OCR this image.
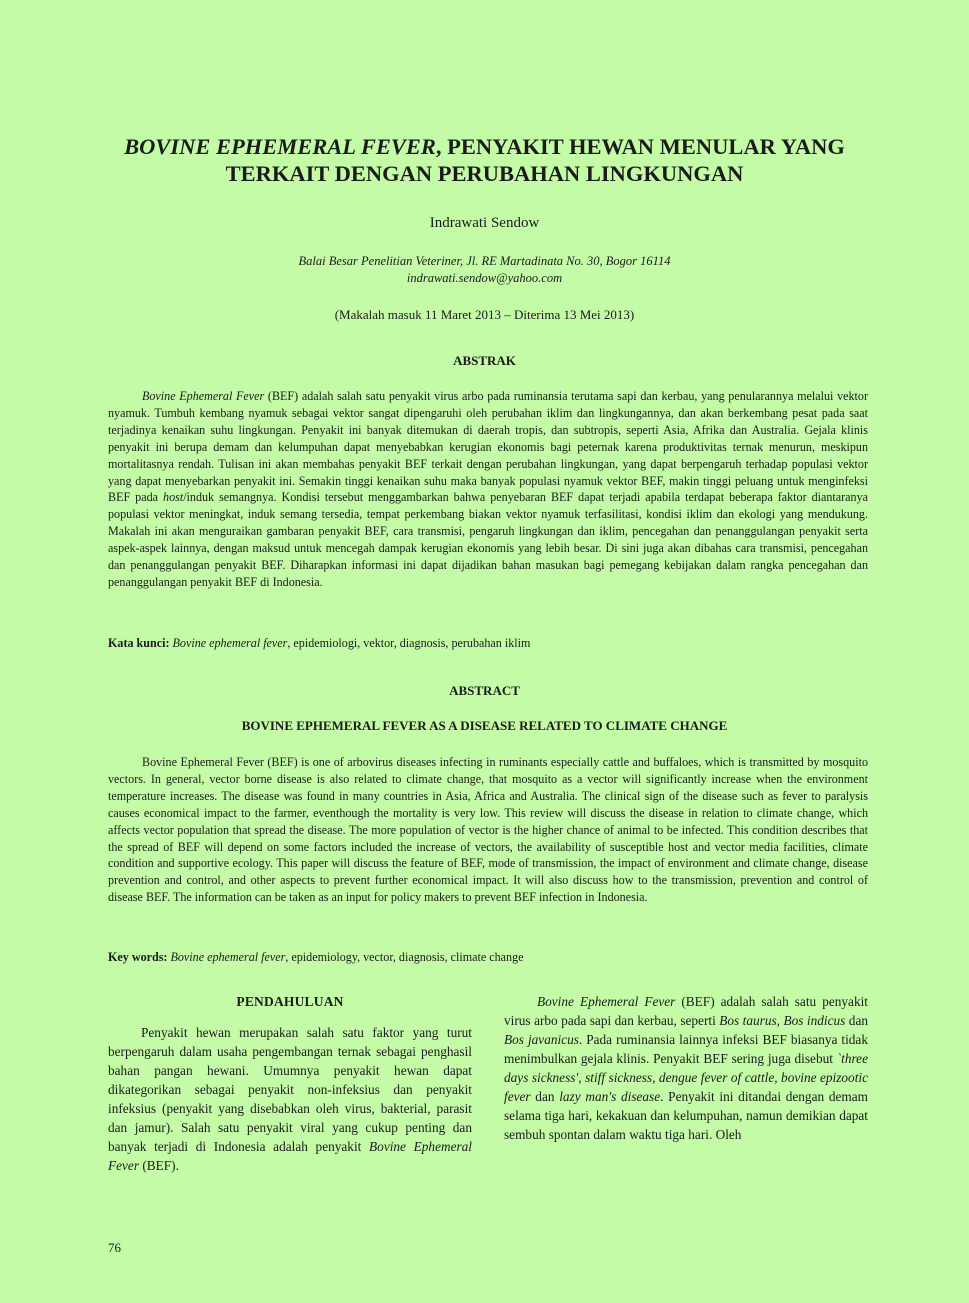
BOVINE EPHEMERAL FEVER, PENYAKIT HEWAN MENULAR YANG
TERKAIT DENGAN PERUBAHAN LINGKUNGAN
Indrawati Sendow
Balai Besar Penelitian Veteriner, Jl. RE Martadinata No. 30, Bogor 16114
indrawati.sendow@yahoo.com
(Makalah masuk 11 Maret 2013 – Diterima 13 Mei 2013)
ABSTRAK

Bovine Ephemeral Fever (BEF) adalah salah satu penyakit virus arbo pada ruminansia terutama sapi dan kerbau, yang penularannya melalui vektor nyamuk. Tumbuh kembang nyamuk sebagai vektor sangat dipengaruhi oleh perubahan iklim dan lingkungannya, dan akan berkembang pesat pada saat terjadinya kenaikan suhu lingkungan. Penyakit ini banyak ditemukan di daerah tropis, dan subtropis, seperti Asia, Afrika dan Australia. Gejala klinis penyakit ini berupa demam dan kelumpuhan dapat menyebabkan kerugian ekonomis bagi peternak karena produktivitas ternak menurun, meskipun mortalitasnya rendah. Tulisan ini akan membahas penyakit BEF terkait dengan perubahan lingkungan, yang dapat berpengaruh terhadap populasi vektor yang dapat menyebarkan penyakit ini. Semakin tinggi kenaikan suhu maka banyak populasi nyamuk vektor BEF, makin tinggi peluang untuk menginfeksi BEF pada host/induk semangnya. Kondisi tersebut menggambarkan bahwa penyebaran BEF dapat terjadi apabila terdapat beberapa faktor diantaranya populasi vektor meningkat, induk semang tersedia, tempat perkembang biakan vektor nyamuk terfasilitasi, kondisi iklim dan ekologi yang mendukung. Makalah ini akan menguraikan gambaran penyakit BEF, cara transmisi, pengaruh lingkungan dan iklim, pencegahan dan penanggulangan penyakit serta aspek-aspek lainnya, dengan maksud untuk mencegah dampak kerugian ekonomis yang lebih besar. Di sini juga akan dibahas cara transmisi, pencegahan dan penanggulangan penyakit BEF. Diharapkan informasi ini dapat dijadikan bahan masukan bagi pemegang kebijakan dalam rangka pencegahan dan penanggulangan penyakit BEF di Indonesia.

Kata kunci: Bovine ephemeral fever, epidemiologi, vektor, diagnosis, perubahan iklim
ABSTRACT
BOVINE EPHEMERAL FEVER AS A DISEASE RELATED TO CLIMATE CHANGE

Bovine Ephemeral Fever (BEF) is one of arbovirus diseases infecting in ruminants especially cattle and buffaloes, which is transmitted by mosquito vectors. In general, vector borne disease is also related to climate change, that mosquito as a vector will significantly increase when the environment temperature increases. The disease was found in many countries in Asia, Africa and Australia. The clinical sign of the disease such as fever to paralysis causes economical impact to the farmer, eventhough the mortality is very low. This review will discuss the disease in relation to climate change, which affects vector population that spread the disease. The more population of vector is the higher chance of animal to be infected. This condition describes that the spread of BEF will depend on some factors included the increase of vectors, the availability of susceptible host and vector media facilities, climate condition and supportive ecology. This paper will discuss the feature of BEF, mode of transmission, the impact of environment and climate change, disease prevention and control, and other aspects to prevent further economical impact. It will also discuss how to the transmission, prevention and control of disease BEF. The information can be taken as an input for policy makers to prevent BEF infection in Indonesia.

Key words: Bovine ephemeral fever, epidemiology, vector, diagnosis, climate change
PENDAHULUAN

Penyakit hewan merupakan salah satu faktor yang turut berpengaruh dalam usaha pengembangan ternak sebagai penghasil bahan pangan hewani. Umumnya penyakit hewan dapat dikategorikan sebagai penyakit non-infeksius dan penyakit infeksius (penyakit yang disebabkan oleh virus, bakterial, parasit dan jamur). Salah satu penyakit viral yang cukup penting dan banyak terjadi di Indonesia adalah penyakit Bovine Ephemeral Fever (BEF).

Bovine Ephemeral Fever (BEF) adalah salah satu penyakit virus arbo pada sapi dan kerbau, seperti Bos taurus, Bos indicus dan Bos javanicus. Pada ruminansia lainnya infeksi BEF biasanya tidak menimbulkan gejala klinis. Penyakit BEF sering juga disebut `three days sickness', stiff sickness, dengue fever of cattle, bovine epizootic fever dan lazy man's disease. Penyakit ini ditandai dengan demam selama tiga hari, kekakuan dan kelumpuhan, namun demikian dapat sembuh spontan dalam waktu tiga hari. Oleh

76
